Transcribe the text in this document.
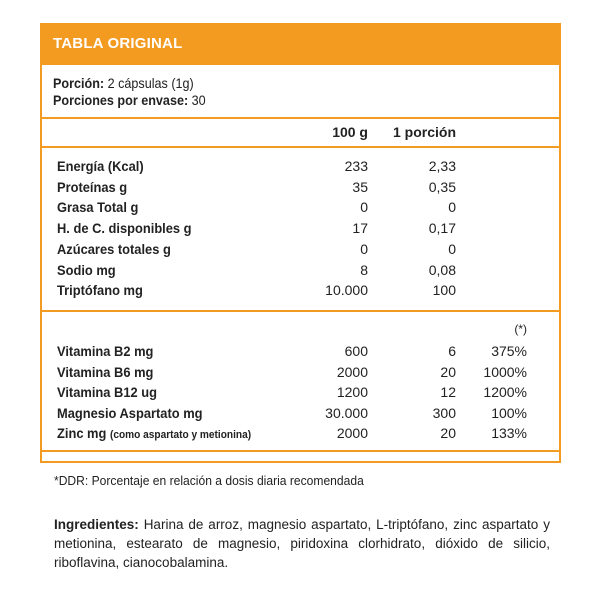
TABLA ORIGINAL
Porción: 2 cápsulas (1g)
Porciones por envase: 30
100 g 1 porción
Energía (Kcal)	233	2,33
Proteínas g	35	0,35
Grasa Total g	0	0
H. de C. disponibles g	17	0,17
Azúcares totales g	0	0
Sodio mg	8	0,08
Triptófano mg	10.000	100
(*)
Vitamina B2 mg	600	6	375%
Vitamina B6 mg	2000	20 1000%
Vitamina B12 ug	1200	12 1200%
Magnesio Aspartato mg	30.000	300	100%
Zinc mg (como aspartato y metionina)	2000	20	133%
*DDR: Porcentaje en relación a dosis diaria recomendada
Ingredientes: Harina de arroz, magnesio aspartato, L-triptófano, zinc aspartato y metionina, estearato de magnesio, piridoxina clorhidrato, dióxido de silicio, riboflavina, cianocobalamina.
